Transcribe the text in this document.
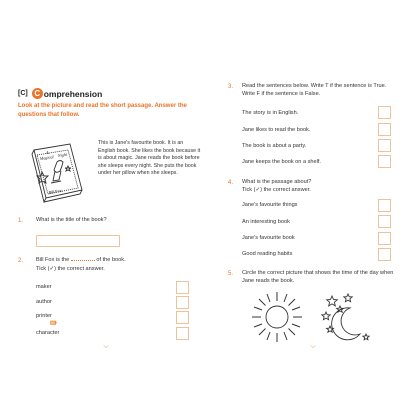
[C] C omprehension
Look at the picture and read the short passage. Answer the questions that follow.
A
Magical Night
Bill Fox
This is Jane's favourite book. It is an English book. She likes the book because it is about magic. Jane reads the book before she sleeps every night. She puts the book under her pillow when she sleeps.
1. What is the title of the book?
2. Bill Fox is the	of the book.
Tick (✓) the correct answer.
maker
author
printer
character
3. Read the sentences below. Write T if the sentence is True. Write F if the sentence is False.
The story is in English.
Jane likes to read the book.
The book is about a party.
Jane keeps the book on a shelf.
4. What is the passage about?
Tick (✓) the correct answer.
Jane's favourite things
An interesting book
Jane's favourite book
Good reading habits
5. Circle the correct picture that shows the time of the day when Jane reads the book.
